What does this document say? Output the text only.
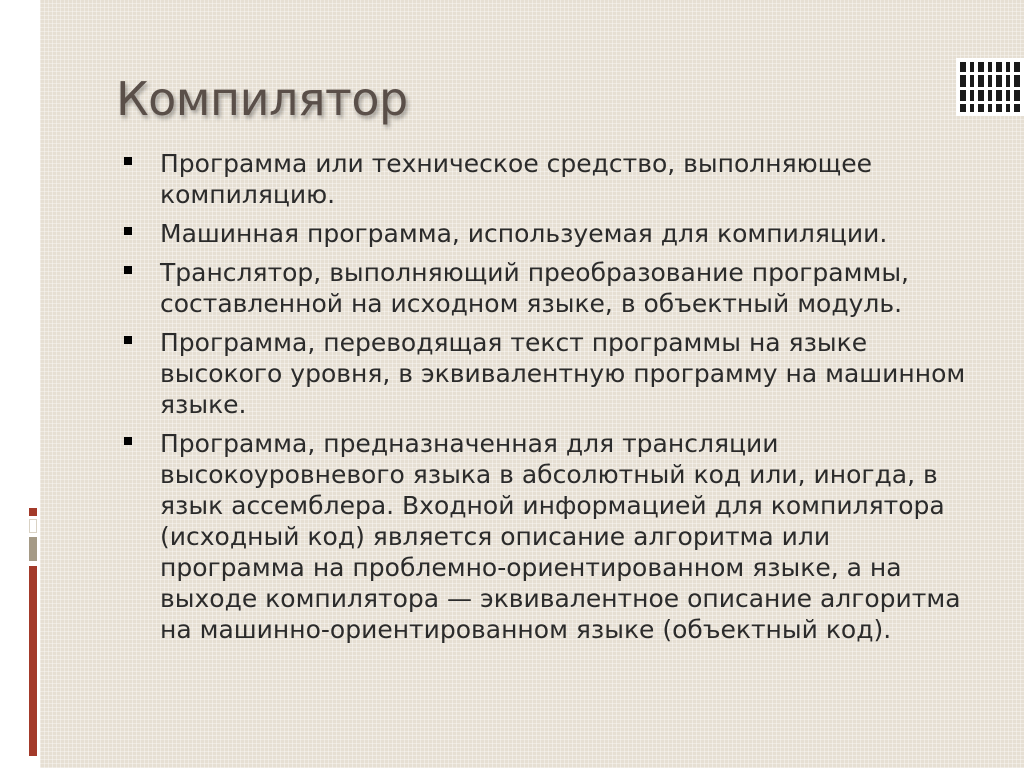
Компилятор
Программа или техническое средство, выполняющее компиляцию.
Машинная программа, используемая для компиляции.
Транслятор, выполняющий преобразование программы, составленной на исходном языке, в объектный модуль.
Программа, переводящая текст программы на языке высокого уровня, в эквивалентную программу на машинном языке.
Программа, предназначенная для трансляции высокоуровневого языка в абсолютный код или, иногда, в язык ассемблера. Входной информацией для компилятора (исходный код) является описание алгоритма или программа на проблемно-ориентированном языке, а на выходе компилятора — эквивалентное описание алгоритма на машинно-ориентированном языке (объектный код).
